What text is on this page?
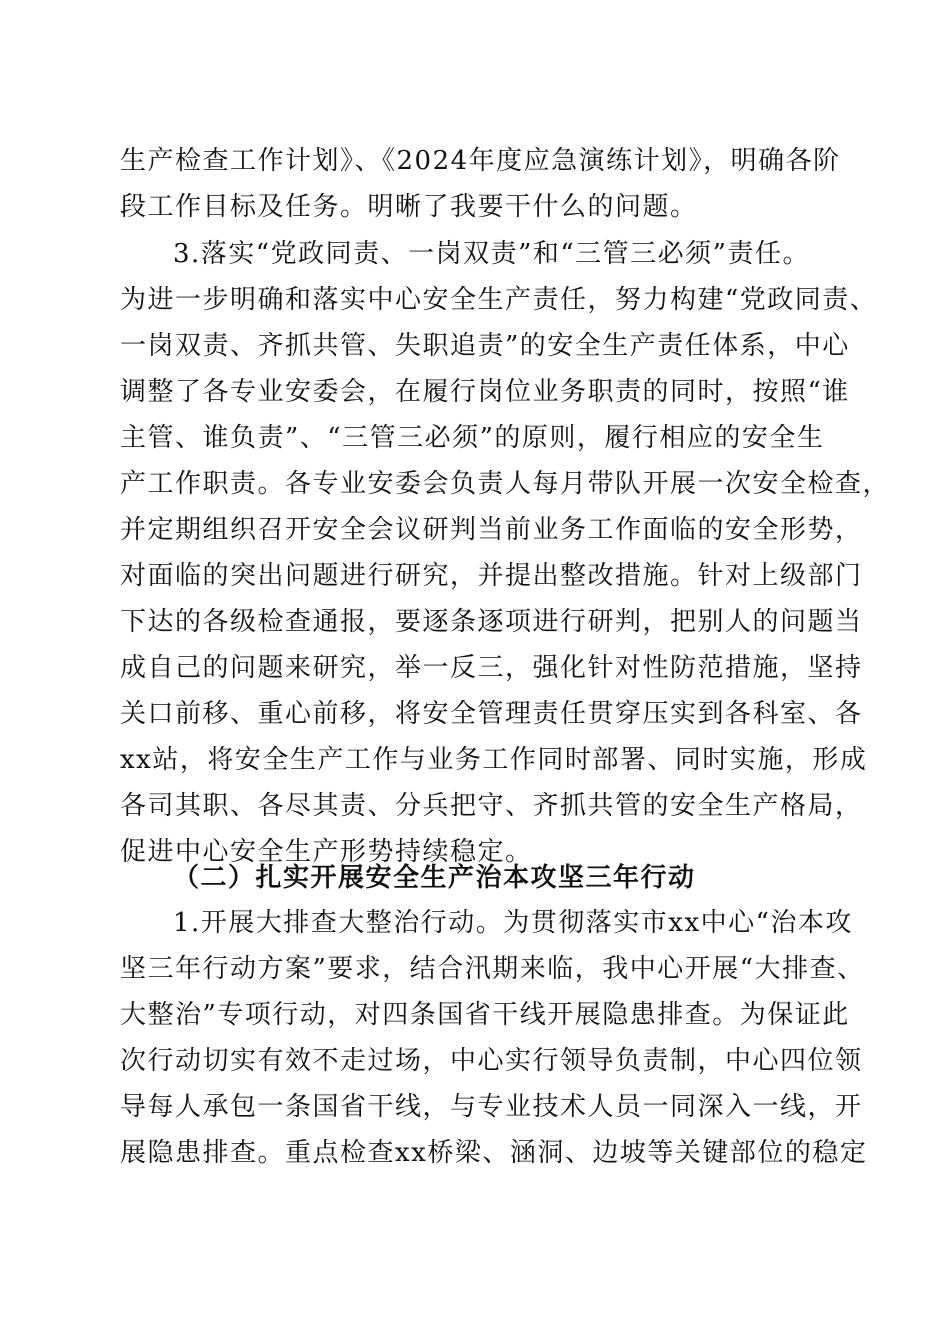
生产检查工作计划》、《2024年度应急演练计划》，明确各阶
段工作目标及任务。明晰了我要干什么的问题。
3.落实“党政同责、一岗双责”和“三管三必须”责任。
为进一步明确和落实中心安全生产责任，努力构建“党政同责、
一岗双责、齐抓共管、失职追责”的安全生产责任体系，中心
调整了各专业安委会，在履行岗位业务职责的同时，按照“谁
主管、谁负责”、“三管三必须”的原则，履行相应的安全生
产工作职责。各专业安委会负责人每月带队开展一次安全检查，
并定期组织召开安全会议研判当前业务工作面临的安全形势，
对面临的突出问题进行研究，并提出整改措施。针对上级部门
下达的各级检查通报，要逐条逐项进行研判，把别人的问题当
成自己的问题来研究，举一反三，强化针对性防范措施，坚持
关口前移、重心前移，将安全管理责任贯穿压实到各科室、各
xx站，将安全生产工作与业务工作同时部署、同时实施，形成
各司其职、各尽其责、分兵把守、齐抓共管的安全生产格局，
促进中心安全生产形势持续稳定。
（二）扎实开展安全生产治本攻坚三年行动
1.开展大排查大整治行动。为贯彻落实市xx中心“治本攻
坚三年行动方案”要求，结合汛期来临，我中心开展“大排查、
大整治”专项行动，对四条国省干线开展隐患排查。为保证此
次行动切实有效不走过场，中心实行领导负责制，中心四位领
导每人承包一条国省干线，与专业技术人员一同深入一线，开
展隐患排查。重点检查xx桥梁、涵洞、边坡等关键部位的稳定
